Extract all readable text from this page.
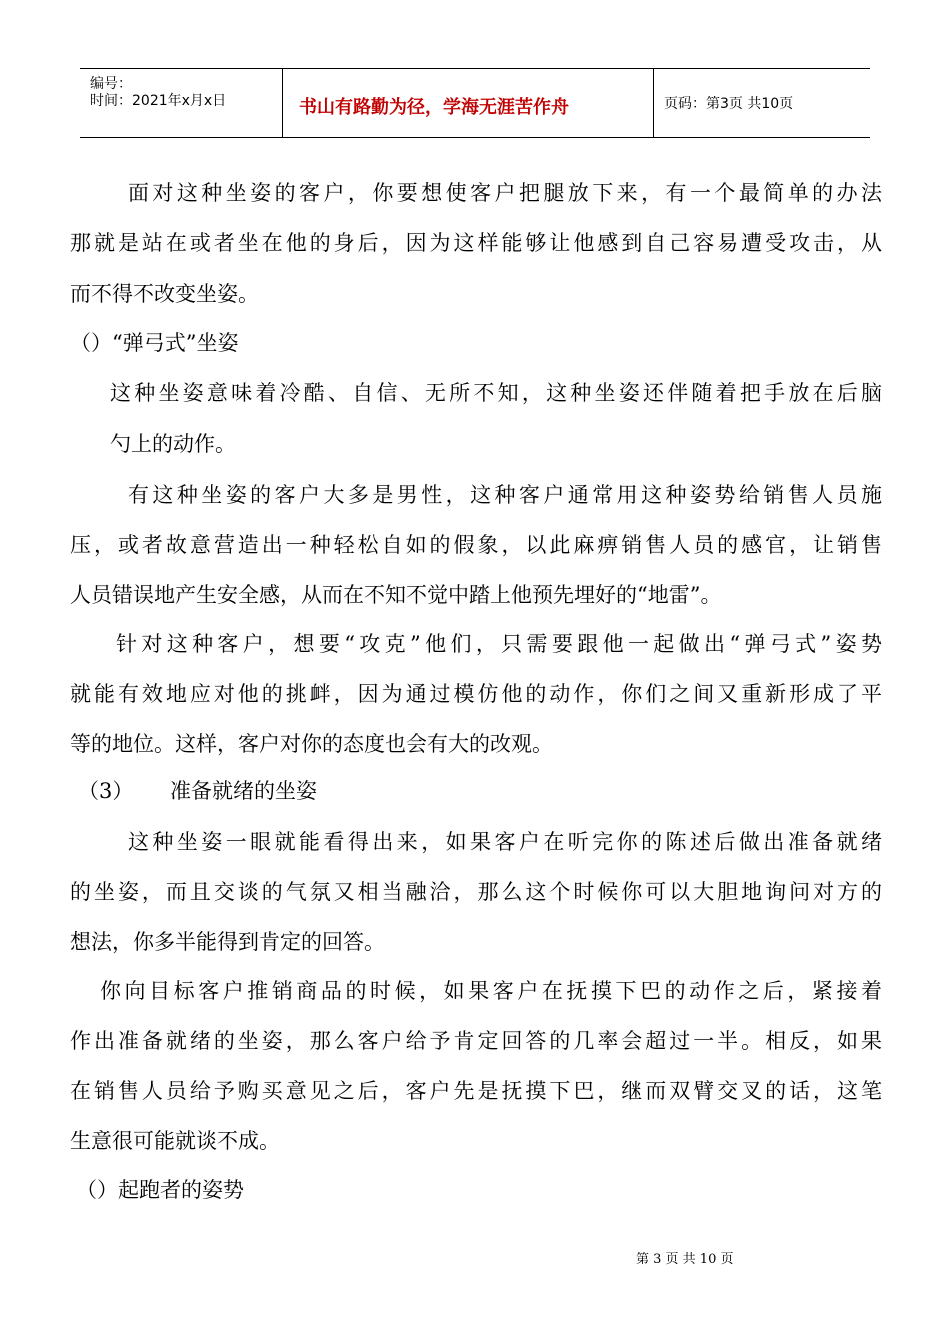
编号：
时间：2021年x月x日	书山有路勤为径，学海无涯苦作舟	页码：第3页 共10页
面对这种坐姿的客户，你要想使客户把腿放下来，有一个最简单的办法
那就是站在或者坐在他的身后，因为这样能够让他感到自己容易遭受攻击，从
而不得不改变坐姿。
（）“弹弓式”坐姿
这种坐姿意味着冷酷、自信、无所不知，这种坐姿还伴随着把手放在后脑
勺上的动作。
有这种坐姿的客户大多是男性，这种客户通常用这种姿势给销售人员施
压，或者故意营造出一种轻松自如的假象，以此麻痹销售人员的感官，让销售
人员错误地产生安全感，从而在不知不觉中踏上他预先埋好的“地雷”。
针对这种客户，想要“攻克”他们，只需要跟他一起做出“弹弓式”姿势
就能有效地应对他的挑衅，因为通过模仿他的动作，你们之间又重新形成了平
等的地位。这样，客户对你的态度也会有大的改观。
（3） 准备就绪的坐姿
这种坐姿一眼就能看得出来，如果客户在听完你的陈述后做出准备就绪
的坐姿，而且交谈的气氛又相当融洽，那么这个时候你可以大胆地询问对方的
想法，你多半能得到肯定的回答。
你向目标客户推销商品的时候，如果客户在抚摸下巴的动作之后，紧接着
作出准备就绪的坐姿，那么客户给予肯定回答的几率会超过一半。相反，如果
在销售人员给予购买意见之后，客户先是抚摸下巴，继而双臂交叉的话，这笔
生意很可能就谈不成。
（）起跑者的姿势
第 3 页 共 10 页
